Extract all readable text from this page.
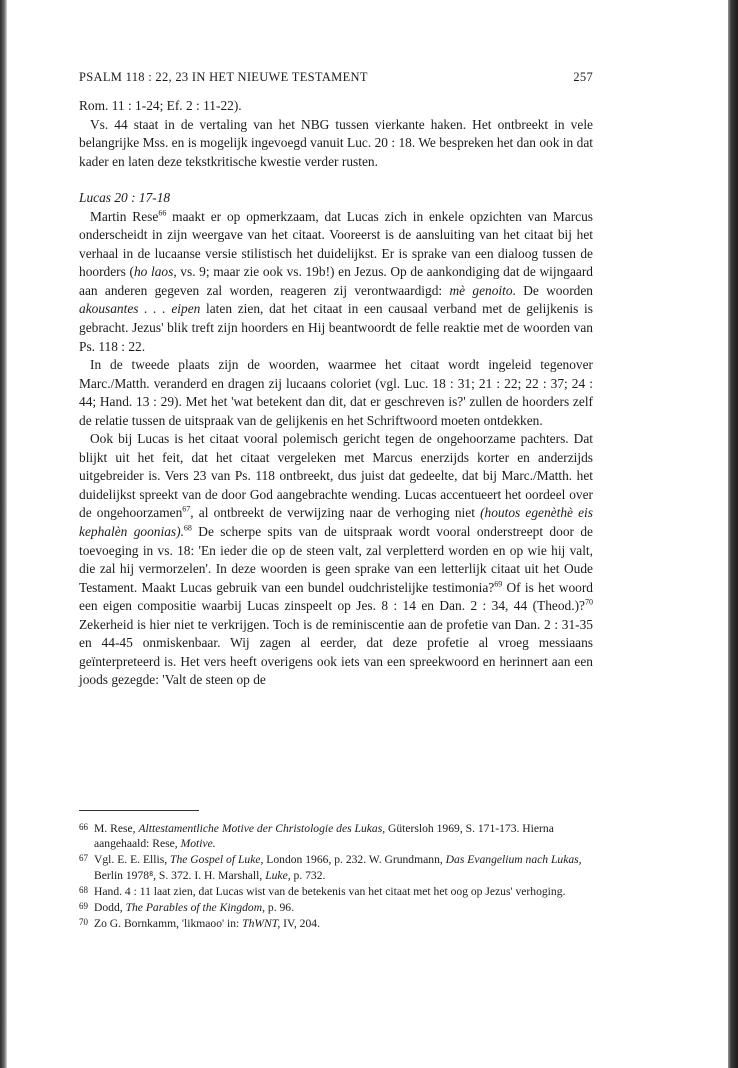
PSALM 118 : 22, 23 IN HET NIEUWE TESTAMENT	257

Rom. 11 : 1-24; Ef. 2 : 11-22).

Vs. 44 staat in de vertaling van het NBG tussen vierkante haken. Het ontbreekt in vele belangrijke Mss. en is mogelijk ingevoegd vanuit Luc. 20 : 18. We bespreken het dan ook in dat kader en laten deze tekstkritische kwestie verder rusten.

Lucas 20 : 17-18

Martin Rese$^{66}$ maakt er op opmerkzaam, dat Lucas zich in enkele opzichten van Marcus onderscheidt in zijn weergave van het citaat. Vooreerst is de aansluiting van het citaat bij het verhaal in de lucaanse versie stilistisch het duidelijkst. Er is sprake van een dialoog tussen de hoorders (ho laos, vs. 9; maar zie ook vs. 19b!) en Jezus. Op de aankondiging dat de wijngaard aan anderen gegeven zal worden, reageren zij verontwaardigd: mè genoito. De woorden akousantes . . . eipen laten zien, dat het citaat in een causaal verband met de gelijkenis is gebracht. Jezus' blik treft zijn hoorders en Hij beantwoordt de felle reaktie met de woorden van Ps. 118 : 22.

In de tweede plaats zijn de woorden, waarmee het citaat wordt ingeleid tegenover Marc./Matth. veranderd en dragen zij lucaans coloriet (vgl. Luc. 18 : 31; 21 : 22; 22 : 37; 24 : 44; Hand. 13 : 29). Met het 'wat betekent dan dit, dat er geschreven is?' zullen de hoorders zelf de relatie tussen de uitspraak van de gelijkenis en het Schriftwoord moeten ontdekken.

Ook bij Lucas is het citaat vooral polemisch gericht tegen de ongehoorzame pachters. Dat blijkt uit het feit, dat het citaat vergeleken met Marcus enerzijds korter en anderzijds uitgebreider is. Vers 23 van Ps. 118 ontbreekt, dus juist dat gedeelte, dat bij Marc./Matth. het duidelijkst spreekt van de door God aangebrachte wending. Lucas accentueert het oordeel over de ongehoorzamen$^{67}$, al ontbreekt de verwijzing naar de verhoging niet (houtos egenèthè eis kephalèn goonias).$^{68}$ De scherpe spits van de uitspraak wordt vooral onderstreept door de toevoeging in vs. 18: 'En ieder die op de steen valt, zal verpletterd worden en op wie hij valt, die zal hij vermorzelen'. In deze woorden is geen sprake van een letterlijk citaat uit het Oude Testament. Maakt Lucas gebruik van een bundel oudchristelijke testimonia?$^{69}$ Of is het woord een eigen compositie waarbij Lucas zinspeelt op Jes. 8 : 14 en Dan. 2 : 34, 44 (Theod.)?$^{70}$ Zekerheid is hier niet te verkrijgen. Toch is de reminiscentie aan de profetie van Dan. 2 : 31-35 en 44-45 onmiskenbaar. Wij zagen al eerder, dat deze profetie al vroeg messiaans geïnterpreteerd is. Het vers heeft overigens ook iets van een spreekwoord en herinnert aan een joods gezegde: 'Valt de steen op de

66 M. Rese, Alttestamentliche Motive der Christologie des Lukas, Gütersloh 1969, S. 171-173. Hierna aangehaald: Rese, Motive.

67 Vgl. E. E. Ellis, The Gospel of Luke, London 1966, p. 232. W. Grundmann, Das Evangelium nach Lukas, Berlin 1978⁸, S. 372. I. H. Marshall, Luke, p. 732.

68 Hand. 4 : 11 laat zien, dat Lucas wist van de betekenis van het citaat met het oog op Jezus' verhoging.

69 Dodd, The Parables of the Kingdom, p. 96.

70 Zo G. Bornkamm, 'likmaoo' in: ThWNT, IV, 204.
